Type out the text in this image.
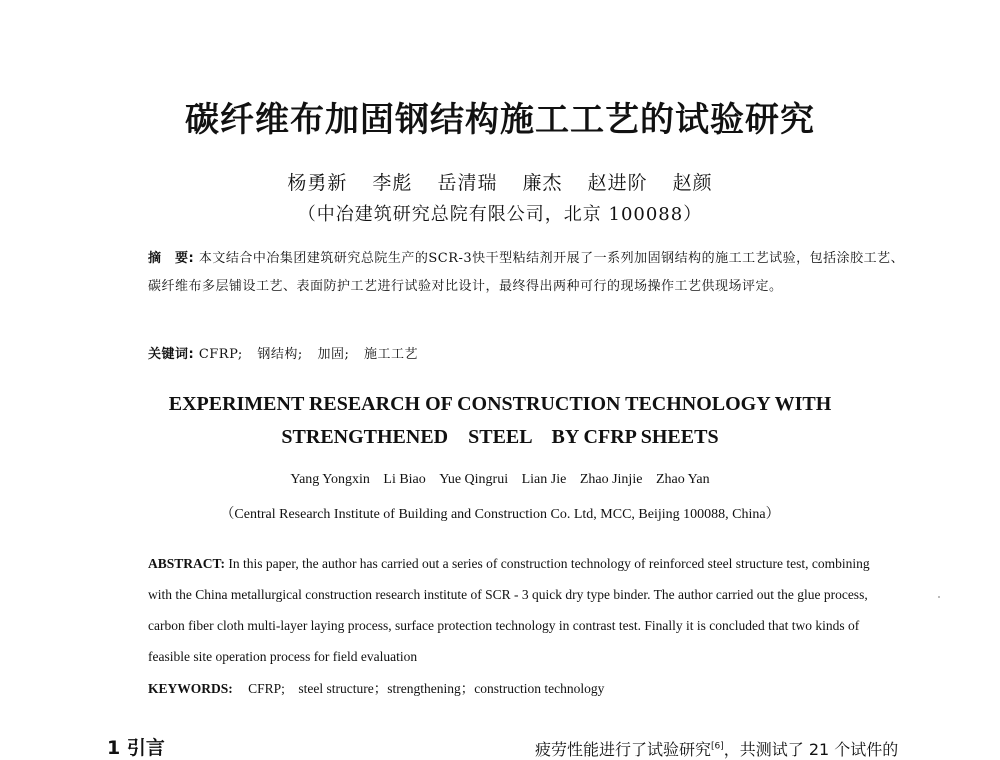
碳纤维布加固钢结构施工工艺的试验研究
杨勇新 李彪 岳清瑞 廉杰 赵进阶 赵颜
（中冶建筑研究总院有限公司，北京 100088）
摘　要: 本文结合中冶集团建筑研究总院生产的SCR-3快干型粘结剂开展了一系列加固钢结构的施工工艺试验，包括涂胶工艺、碳纤维布多层铺设工艺、表面防护工艺进行试验对比设计，最终得出两种可行的现场操作工艺供现场评定。
关键词: CFRP; 钢结构; 加固; 施工工艺
EXPERIMENT RESEARCH OF CONSTRUCTION TECHNOLOGY WITH
STRENGTHENED    STEEL    BY CFRP SHEETS
Yang Yongxin Li Biao Yue Qingrui Lian Jie Zhao Jinjie Zhao Yan
（Central Research Institute of Building and Construction Co. Ltd, MCC, Beijing 100088, China）
ABSTRACT: In this paper, the author has carried out a series of construction technology of reinforced steel structure test, combining with the China metallurgical construction research institute of SCR - 3 quick dry type binder. The author carried out the glue process, carbon fiber cloth multi-layer laying process, surface protection technology in contrast test. Finally it is concluded that two kinds of feasible site operation process for field evaluation
KEYWORDS: CFRP;　steel structure；strengthening；construction technology
1 引言	疲劳性能进行了试验研究[6]，共测试了 21 个试件的
